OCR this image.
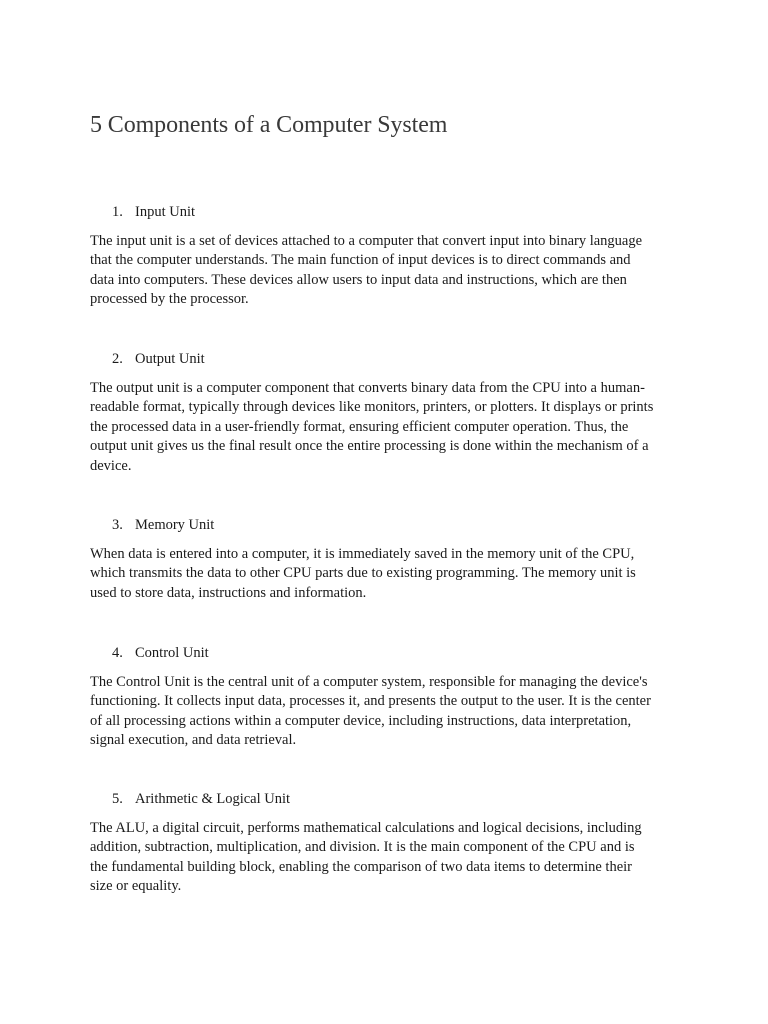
5 Components of a Computer System
1. Input Unit

The input unit is a set of devices attached to a computer that convert input into binary language
that the computer understands. The main function of input devices is to direct commands and
data into computers. These devices allow users to input data and instructions, which are then
processed by the processor.

2. Output Unit

The output unit is a computer component that converts binary data from the CPU into a human-
readable format, typically through devices like monitors, printers, or plotters. It displays or prints
the processed data in a user-friendly format, ensuring efficient computer operation. Thus, the
output unit gives us the final result once the entire processing is done within the mechanism of a
device.

3. Memory Unit

When data is entered into a computer, it is immediately saved in the memory unit of the CPU,
which transmits the data to other CPU parts due to existing programming. The memory unit is
used to store data, instructions and information.

4. Control Unit

The Control Unit is the central unit of a computer system, responsible for managing the device's
functioning. It collects input data, processes it, and presents the output to the user. It is the center
of all processing actions within a computer device, including instructions, data interpretation,
signal execution, and data retrieval.

5. Arithmetic & Logical Unit

The ALU, a digital circuit, performs mathematical calculations and logical decisions, including
addition, subtraction, multiplication, and division. It is the main component of the CPU and is
the fundamental building block, enabling the comparison of two data items to determine their
size or equality.
